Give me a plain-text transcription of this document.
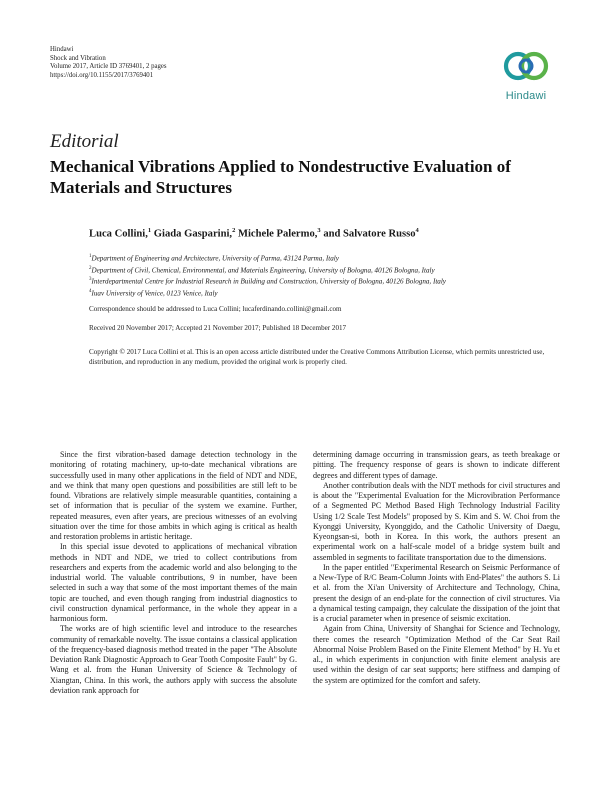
Hindawi
Shock and Vibration
Volume 2017, Article ID 3769401, 2 pages
https://doi.org/10.1155/2017/3769401
Hindawi
Editorial
Mechanical Vibrations Applied to Nondestructive Evaluation of Materials and Structures
Luca Collini,$^1$ Giada Gasparini,$^2$ Michele Palermo,$^3$ and Salvatore Russo$^4$
$^1$Department of Engineering and Architecture, University of Parma, 43124 Parma, Italy
$^2$Department of Civil, Chemical, Environmental, and Materials Engineering, University of Bologna, 40126 Bologna, Italy
$^3$Interdepartmental Centre for Industrial Research in Building and Construction, University of Bologna, 40126 Bologna, Italy
$^4$Iuav University of Venice, 0123 Venice, Italy
Correspondence should be addressed to Luca Collini; lucaferdinando.collini@gmail.com
Received 20 November 2017; Accepted 21 November 2017; Published 18 December 2017
Copyright © 2017 Luca Collini et al. This is an open access article distributed under the Creative Commons Attribution License, which permits unrestricted use, distribution, and reproduction in any medium, provided the original work is properly cited.

Since the first vibration-based damage detection technology in the monitoring of rotating machinery, up-to-date mechanical vibrations are successfully used in many other applications in the field of NDT and NDE, and we think that many open questions and possibilities are still left to be found. Vibrations are relatively simple measurable quantities, containing a set of information that is peculiar of the system we examine. Further, repeated measures, even after years, are precious witnesses of an evolving situation over the time for those ambits in which aging is critical as health and restoration problems in artistic heritage.

In this special issue devoted to applications of mechanical vibration methods in NDT and NDE, we tried to collect contributions from researchers and experts from the academic world and also belonging to the industrial world. The valuable contributions, 9 in number, have been selected in such a way that some of the most important themes of the main topic are touched, and even though ranging from industrial diagnostics to civil construction dynamical performance, in the whole they appear in a harmonious form.

The works are of high scientific level and introduce to the researches community of remarkable novelty. The issue contains a classical application of the frequency-based diagnosis method treated in the paper "The Absolute Deviation Rank Diagnostic Approach to Gear Tooth Composite Fault" by G. Wang et al. from the Hunan University of Science & Technology of Xiangtan, China. In this work, the authors apply with success the absolute deviation rank approach for

determining damage occurring in transmission gears, as teeth breakage or pitting. The frequency response of gears is shown to indicate different degrees and different types of damage.

Another contribution deals with the NDT methods for civil structures and is about the "Experimental Evaluation for the Microvibration Performance of a Segmented PC Method Based High Technology Industrial Facility Using 1/2 Scale Test Models" proposed by S. Kim and S. W. Choi from the Kyonggi University, Kyonggido, and the Catholic University of Daegu, Kyeongsan-si, both in Korea. In this work, the authors present an experimental work on a half-scale model of a bridge system built and assembled in segments to facilitate transportation due to the dimensions.

In the paper entitled "Experimental Research on Seismic Performance of a New-Type of R/C Beam-Column Joints with End-Plates" the authors S. Li et al. from the Xi'an University of Architecture and Technology, China, present the design of an end-plate for the connection of civil structures. Via a dynamical testing campaign, they calculate the dissipation of the joint that is a crucial parameter when in presence of seismic excitation.

Again from China, University of Shanghai for Science and Technology, there comes the research "Optimization Method of the Car Seat Rail Abnormal Noise Problem Based on the Finite Element Method" by H. Yu et al., in which experiments in conjunction with finite element analysis are used within the design of car seat supports; here stiffness and damping of the system are optimized for the comfort and safety.
